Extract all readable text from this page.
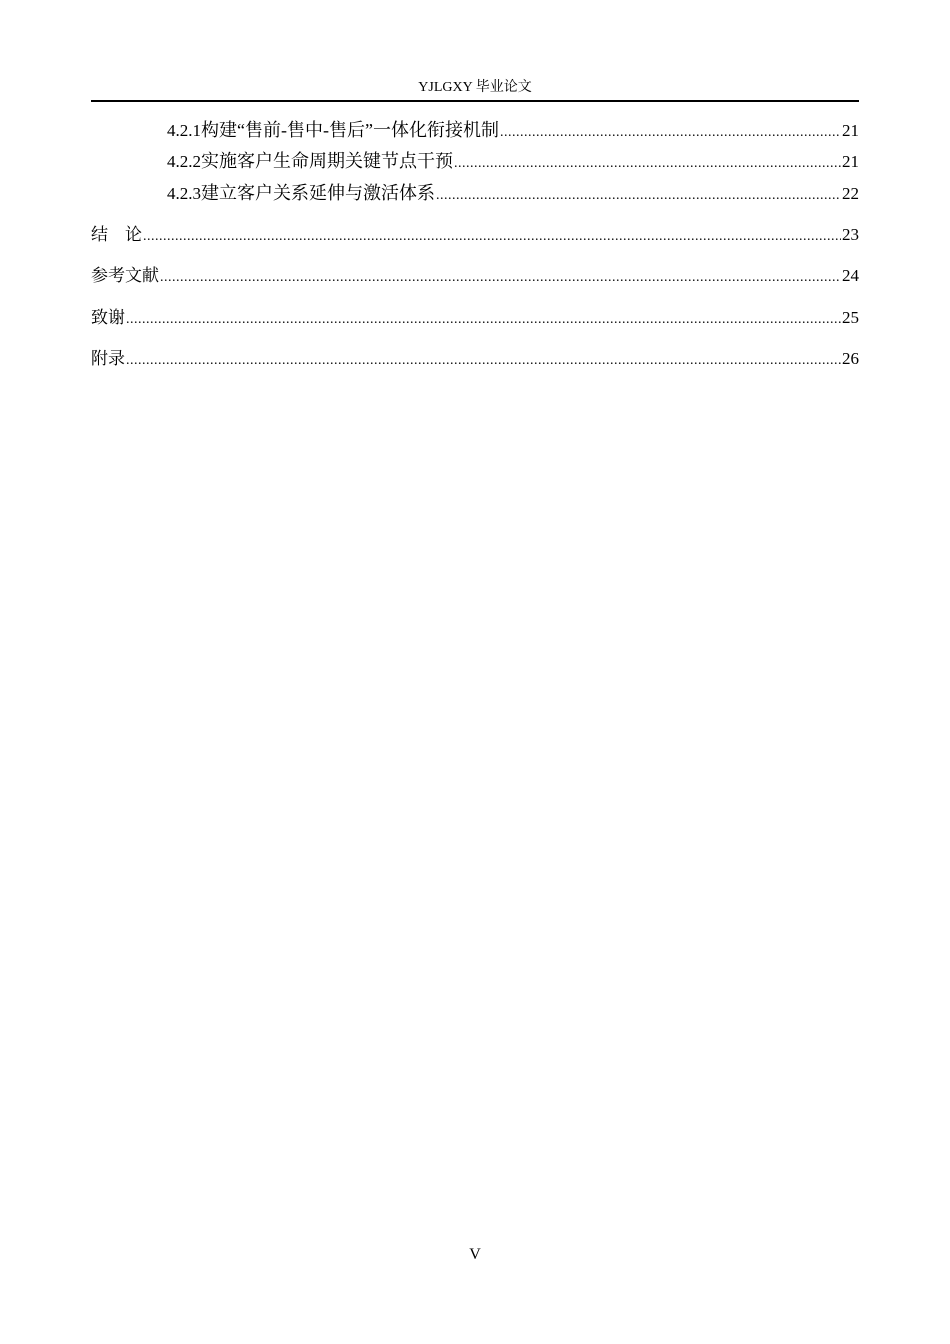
YJLGXY 毕业论文
4.2.1 构建“售前-售中-售后”一体化衔接机制 .....	21
4.2.2 实施客户生命周期关键节点干预 .....	21
4.2.3 建立客户关系延伸与激活体系 .....	22
结　论 .....	23
参考文献 .....	24
致谢 .....	25
附录 .....	26
V
